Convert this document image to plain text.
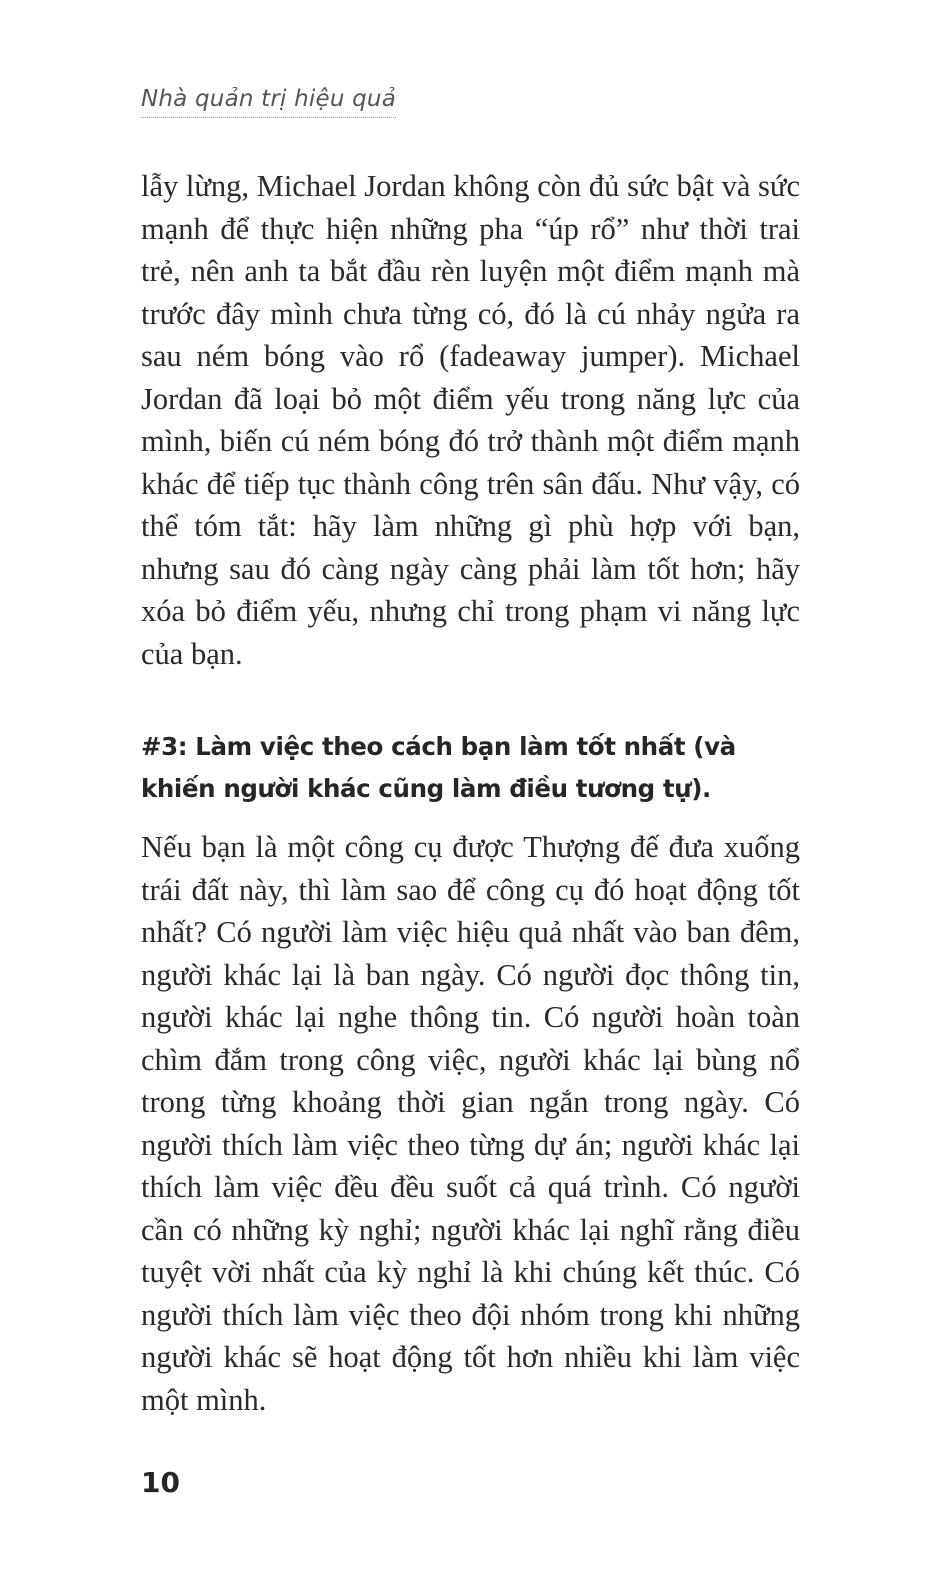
Nhà quản trị hiệu quả

lẫy lừng, Michael Jordan không còn đủ sức bật và sức mạnh để thực hiện những pha “úp rổ” như thời trai trẻ, nên anh ta bắt đầu rèn luyện một điểm mạnh mà trước đây mình chưa từng có, đó là cú nhảy ngửa ra sau ném bóng vào rổ (fadeaway jumper). Michael Jordan đã loại bỏ một điểm yếu trong năng lực của mình, biến cú ném bóng đó trở thành một điểm mạnh khác để tiếp tục thành công trên sân đấu. Như vậy, có thể tóm tắt: hãy làm những gì phù hợp với bạn, nhưng sau đó càng ngày càng phải làm tốt hơn; hãy xóa bỏ điểm yếu, nhưng chỉ trong phạm vi năng lực của bạn.

#3: Làm việc theo cách bạn làm tốt nhất (và khiến người khác cũng làm điều tương tự).

Nếu bạn là một công cụ được Thượng đế đưa xuống trái đất này, thì làm sao để công cụ đó hoạt động tốt nhất? Có người làm việc hiệu quả nhất vào ban đêm, người khác lại là ban ngày. Có người đọc thông tin, người khác lại nghe thông tin. Có người hoàn toàn chìm đắm trong công việc, người khác lại bùng nổ trong từng khoảng thời gian ngắn trong ngày. Có người thích làm việc theo từng dự án; người khác lại thích làm việc đều đều suốt cả quá trình. Có người cần có những kỳ nghỉ; người khác lại nghĩ rằng điều tuyệt vời nhất của kỳ nghỉ là khi chúng kết thúc. Có người thích làm việc theo đội nhóm trong khi những người khác sẽ hoạt động tốt hơn nhiều khi làm việc một mình.

10
